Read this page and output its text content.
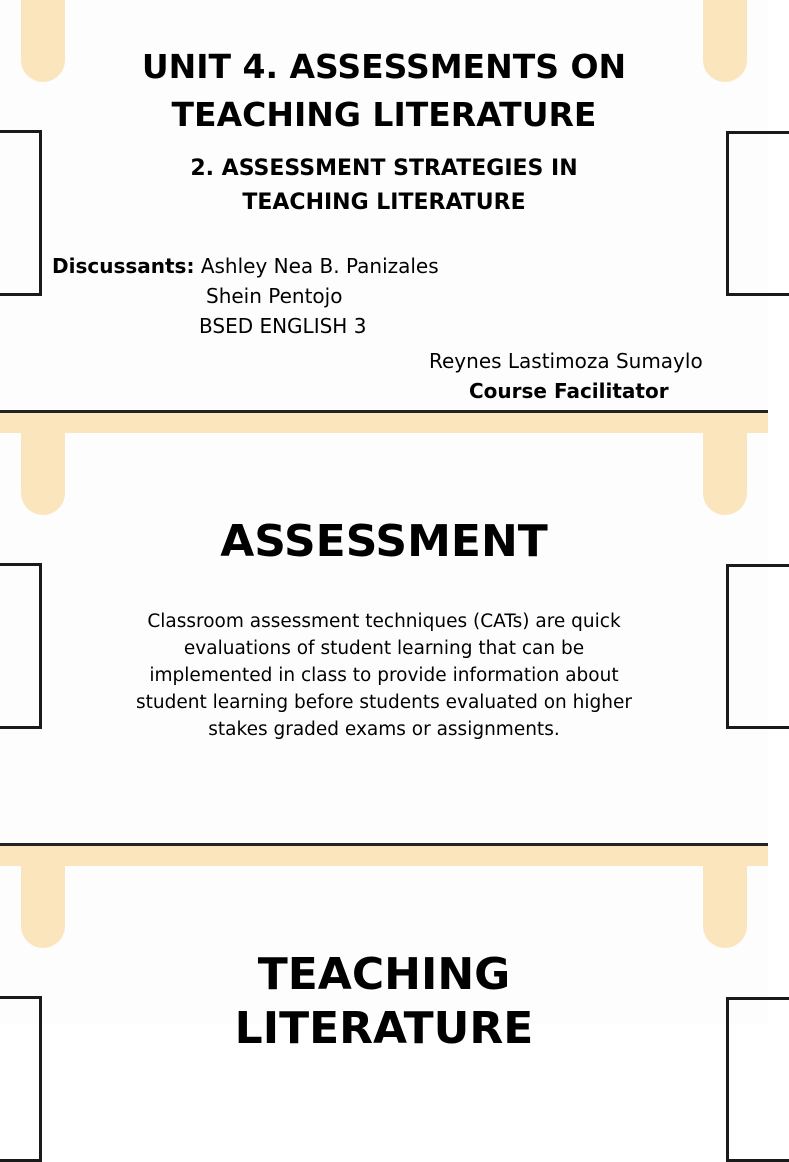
UNIT 4. ASSESSMENTS ON
TEACHING LITERATURE
2. ASSESSMENT STRATEGIES IN
TEACHING LITERATURE
Discussants: Ashley Nea B. Panizales
Shein Pentojo
BSED ENGLISH 3
Reynes Lastimoza Sumaylo
Course Facilitator
ASSESSMENT
Classroom assessment techniques (CATs) are quick
evaluations of student learning that can be
implemented in class to provide information about
student learning before students evaluated on higher
stakes graded exams or assignments.
TEACHING
LITERATURE
